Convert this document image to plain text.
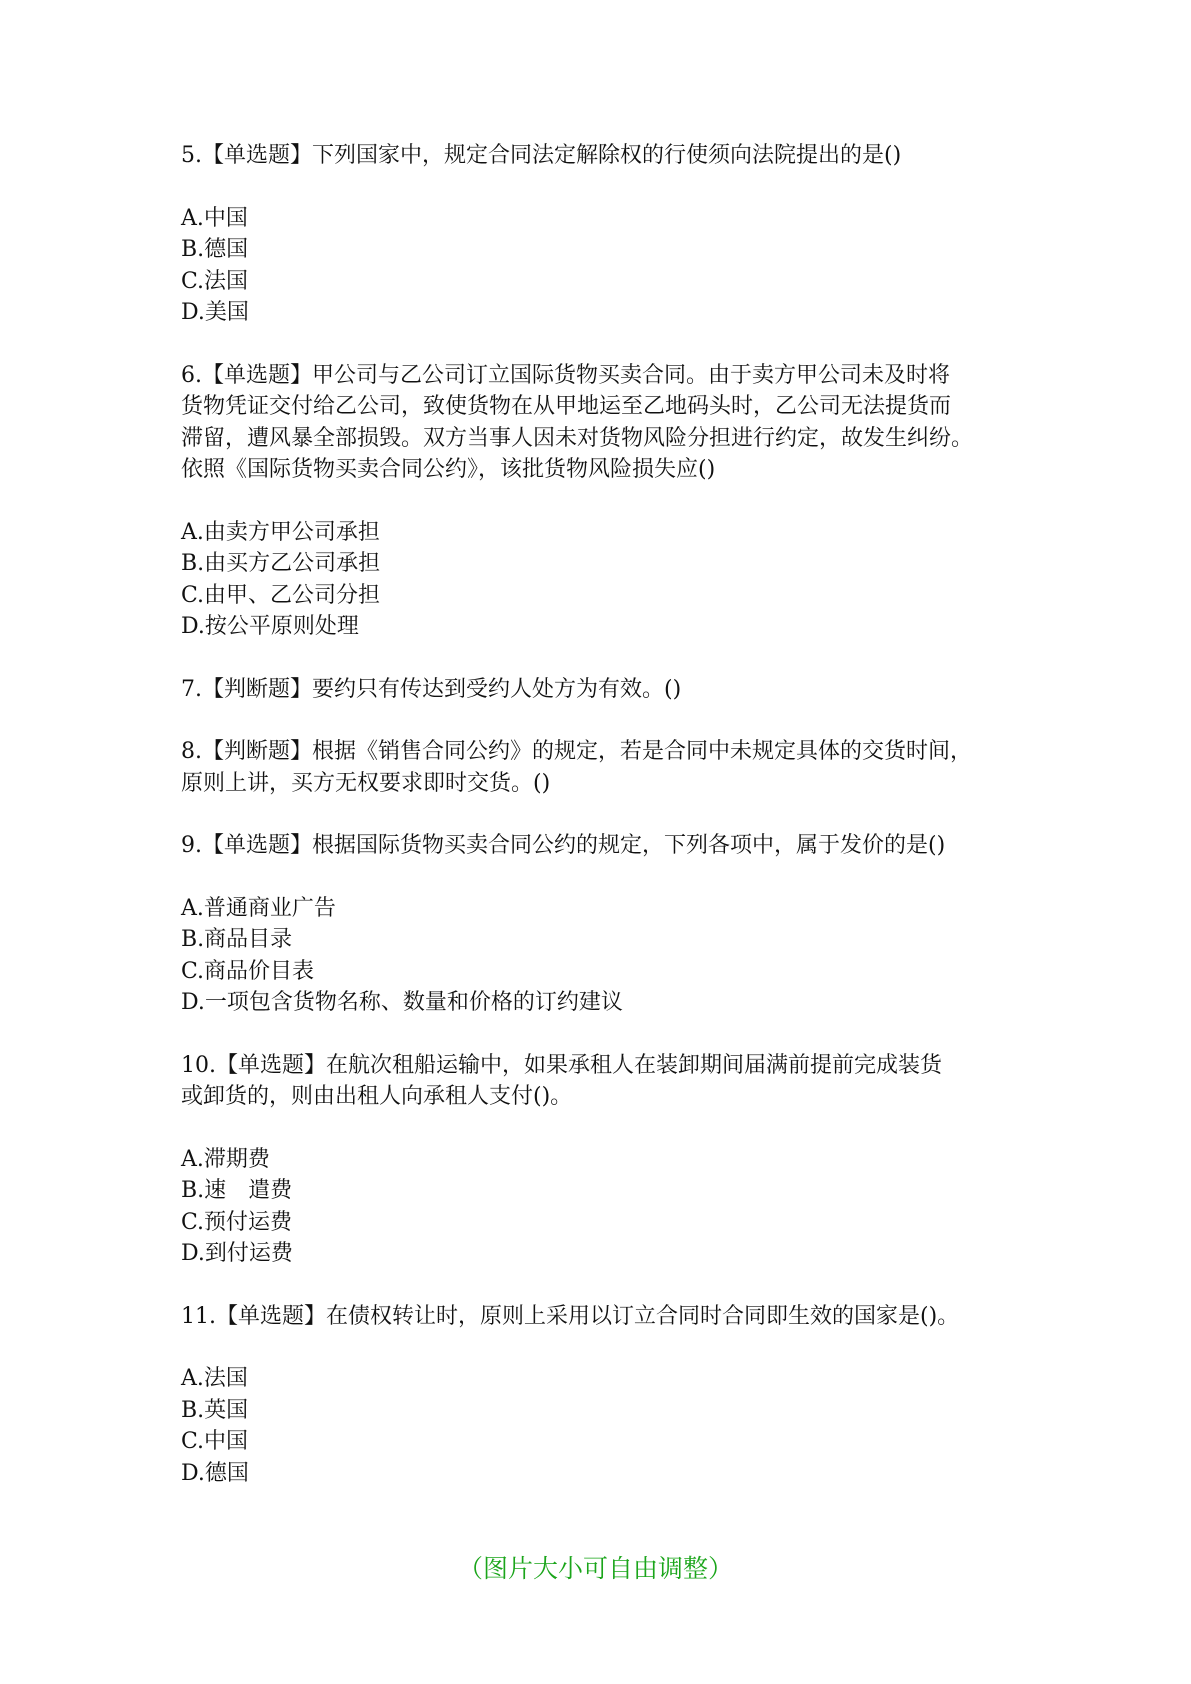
5.【单选题】下列国家中，规定合同法定解除权的行使须向法院提出的是()
A.中国
B.德国
C.法国
D.美国
6.【单选题】甲公司与乙公司订立国际货物买卖合同。由于卖方甲公司未及时将
货物凭证交付给乙公司，致使货物在从甲地运至乙地码头时，乙公司无法提货而
滞留，遭风暴全部损毁。双方当事人因未对货物风险分担进行约定，故发生纠纷。
依照《国际货物买卖合同公约》，该批货物风险损失应()
A.由卖方甲公司承担
B.由买方乙公司承担
C.由甲、乙公司分担
D.按公平原则处理
7.【判断题】要约只有传达到受约人处方为有效。()
8.【判断题】根据《销售合同公约》的规定，若是合同中未规定具体的交货时间，
原则上讲，买方无权要求即时交货。()
9.【单选题】根据国际货物买卖合同公约的规定，下列各项中，属于发价的是()
A.普通商业广告
B.商品目录
C.商品价目表
D.一项包含货物名称、数量和价格的订约建议
10.【单选题】在航次租船运输中，如果承租人在装卸期间届满前提前完成装货
或卸货的，则由出租人向承租人支付()。
A.滞期费
B.速　遣费
C.预付运费
D.到付运费
11.【单选题】在债权转让时，原则上采用以订立合同时合同即生效的国家是()。
A.法国
B.英国
C.中国
D.德国
（图片大小可自由调整）
